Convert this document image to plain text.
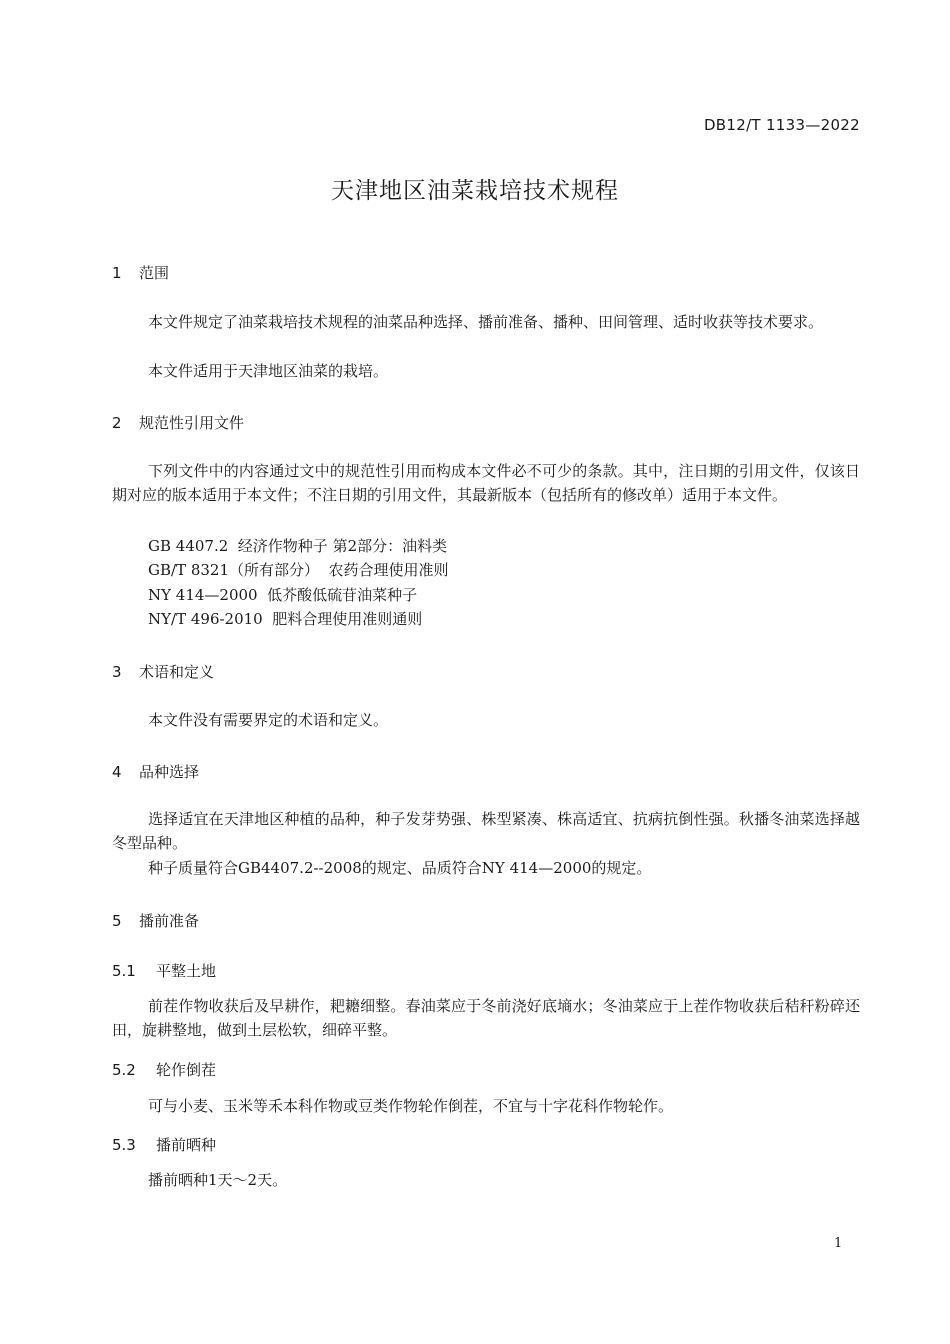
DB12/T 1133—2022
天津地区油菜栽培技术规程
1 范围
本文件规定了油菜栽培技术规程的油菜品种选择、播前准备、播种、田间管理、适时收获等技术要求。
本文件适用于天津地区油菜的栽培。
2 规范性引用文件
下列文件中的内容通过文中的规范性引用而构成本文件必不可少的条款。其中，注日期的引用文件，仅该日期对应的版本适用于本文件；不注日期的引用文件，其最新版本（包括所有的修改单）适用于本文件。
GB 4407.2  经济作物种子 第2部分：油料类
GB/T 8321（所有部分）  农药合理使用准则
NY 414—2000  低芥酸低硫苷油菜种子
NY/T 496-2010  肥料合理使用准则通则
3 术语和定义
本文件没有需要界定的术语和定义。
4 品种选择
选择适宜在天津地区种植的品种，种子发芽势强、株型紧凑、株高适宜、抗病抗倒性强。秋播冬油菜选择越冬型品种。
种子质量符合GB4407.2--2008的规定、品质符合NY 414—2000的规定。
5 播前准备
5.1 平整土地
前茬作物收获后及早耕作，耙耱细整。春油菜应于冬前浇好底墒水；冬油菜应于上茬作物收获后秸秆粉碎还田，旋耕整地，做到土层松软，细碎平整。
5.2 轮作倒茬
可与小麦、玉米等禾本科作物或豆类作物轮作倒茬，不宜与十字花科作物轮作。
5.3 播前晒种
播前晒种1天～2天。
1
